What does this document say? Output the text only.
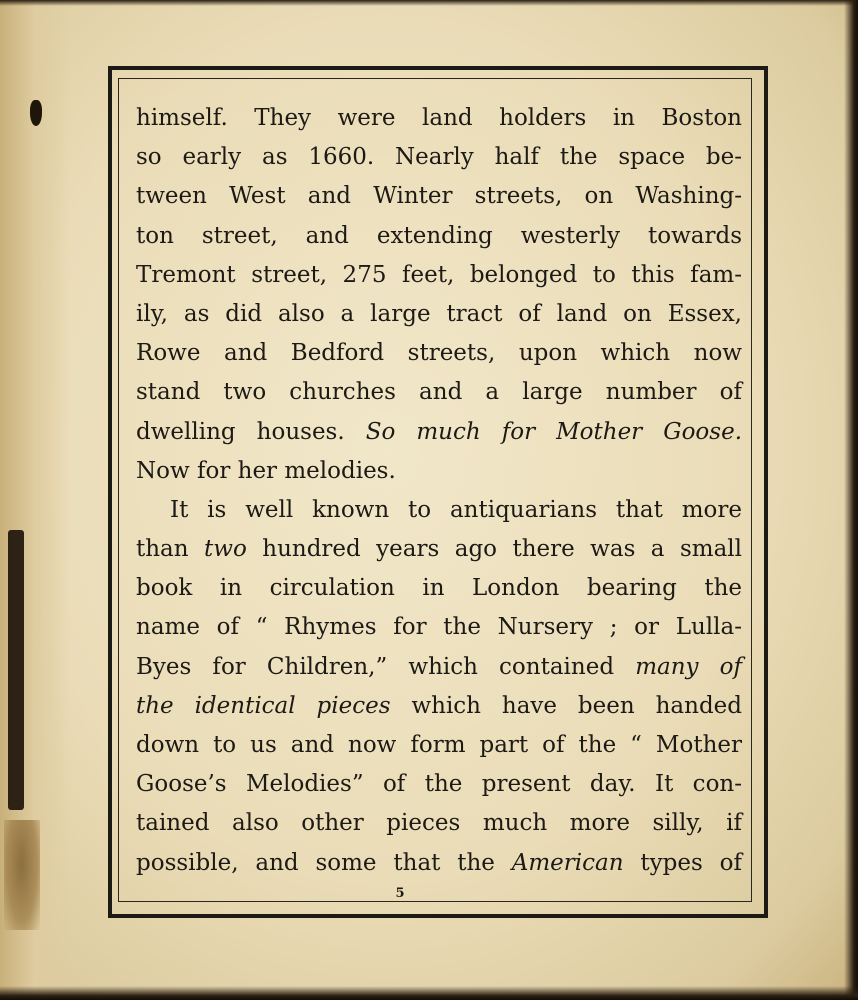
himself. They were land holders in Boston
so early as 1660. Nearly half the space be-
tween West and Winter streets, on Washing-
ton street, and extending westerly towards
Tremont street, 275 feet, belonged to this fam-
ily, as did also a large tract of land on Essex,
Rowe and Bedford streets, upon which now
stand two churches and a large number of
dwelling houses. So much for Mother Goose.
Now for her melodies.
It is well known to antiquarians that more
than two hundred years ago there was a small
book in circulation in London bearing the
name of “ Rhymes for the Nursery ; or Lulla-
Byes for Children,” which contained many of
the identical pieces which have been handed
down to us and now form part of the “ Mother
Goose’s Melodies” of the present day. It con-
tained also other pieces much more silly, if
possible, and some that the American types of
5
